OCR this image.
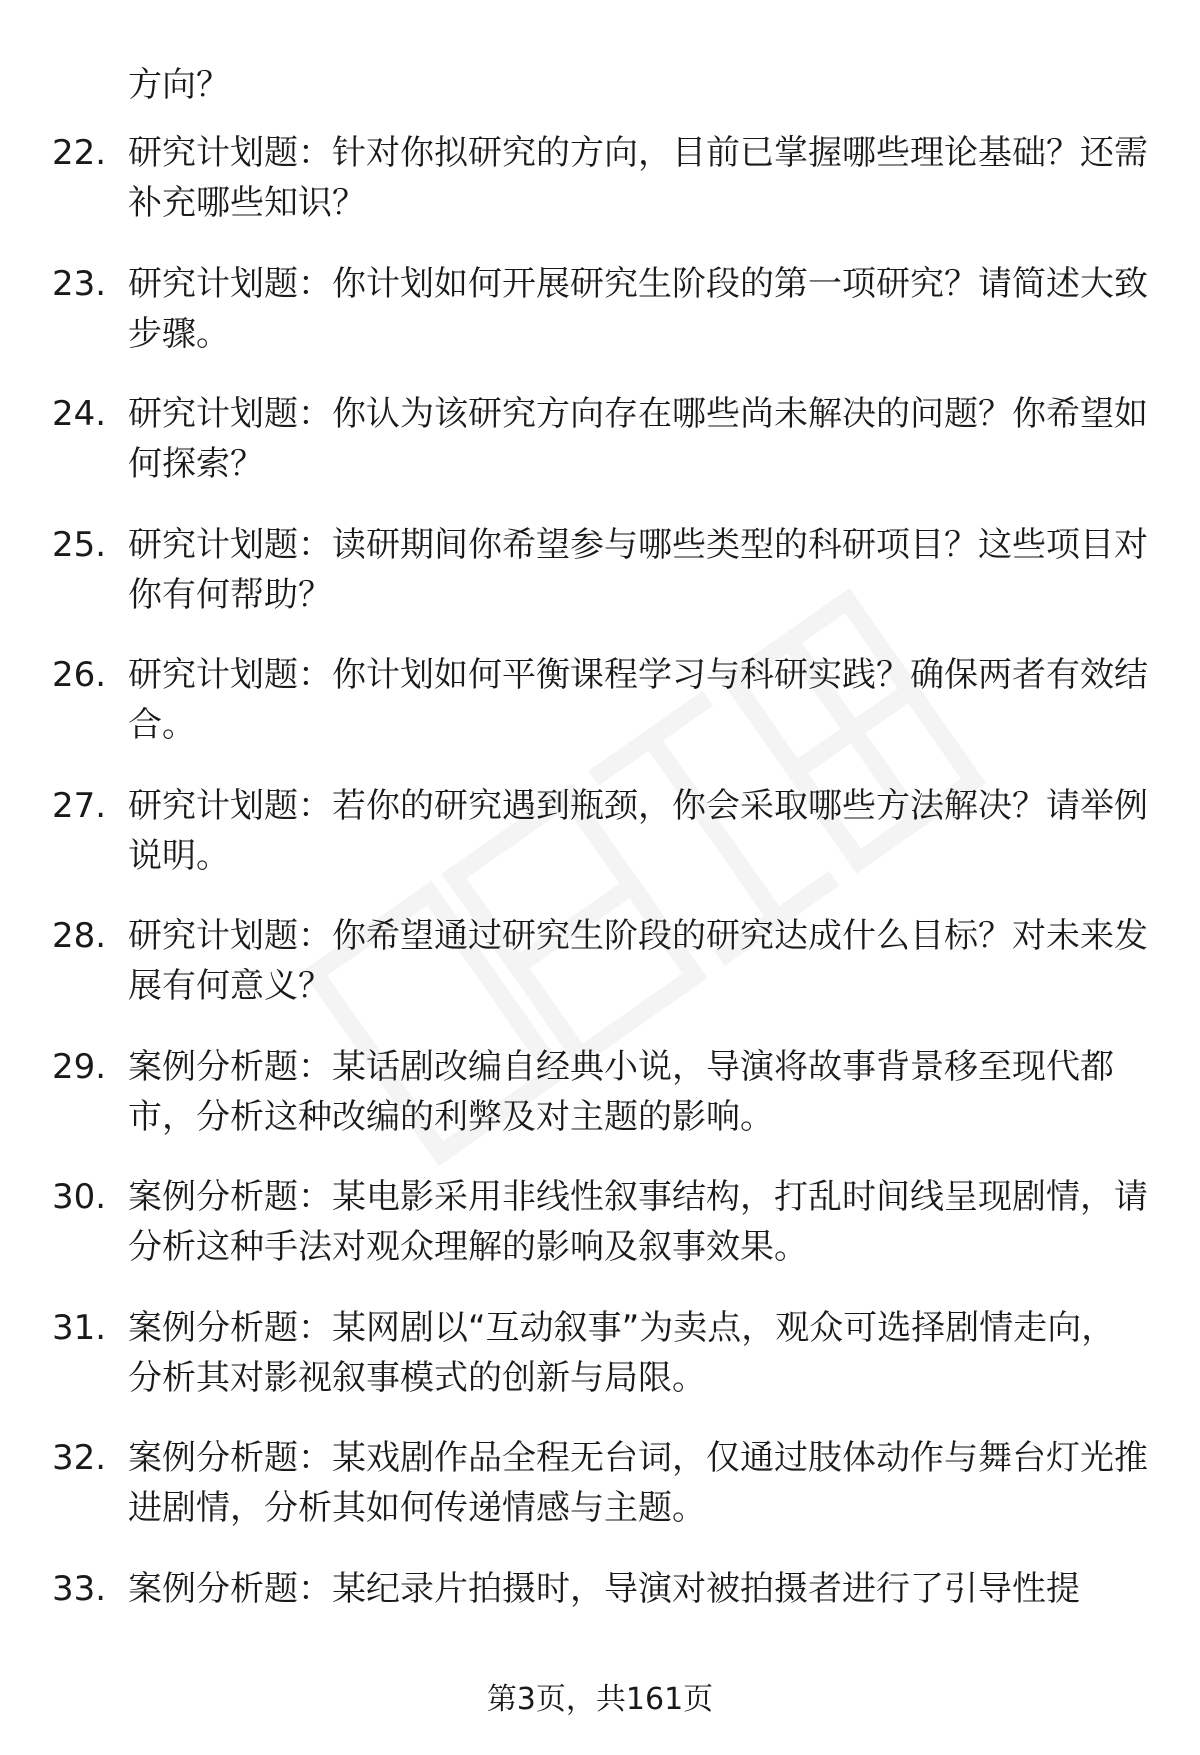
方向？
22. 研究计划题：针对你拟研究的方向，目前已掌握哪些理论基础？还需补充哪些知识？
23. 研究计划题：你计划如何开展研究生阶段的第一项研究？请简述大致步骤。
24. 研究计划题：你认为该研究方向存在哪些尚未解决的问题？你希望如何探索？
25. 研究计划题：读研期间你希望参与哪些类型的科研项目？这些项目对你有何帮助？
26. 研究计划题：你计划如何平衡课程学习与科研实践？确保两者有效结合。
27. 研究计划题：若你的研究遇到瓶颈，你会采取哪些方法解决？请举例说明。
28. 研究计划题：你希望通过研究生阶段的研究达成什么目标？对未来发展有何意义？
29. 案例分析题：某话剧改编自经典小说，导演将故事背景移至现代都市，分析这种改编的利弊及对主题的影响。
30. 案例分析题：某电影采用非线性叙事结构，打乱时间线呈现剧情，请分析这种手法对观众理解的影响及叙事效果。
31. 案例分析题：某网剧以“互动叙事”为卖点，观众可选择剧情走向，分析其对影视叙事模式的创新与局限。
32. 案例分析题：某戏剧作品全程无台词，仅通过肢体动作与舞台灯光推进剧情，分析其如何传递情感与主题。
33. 案例分析题：某纪录片拍摄时，导演对被拍摄者进行了引导性提
第3页，共161页
